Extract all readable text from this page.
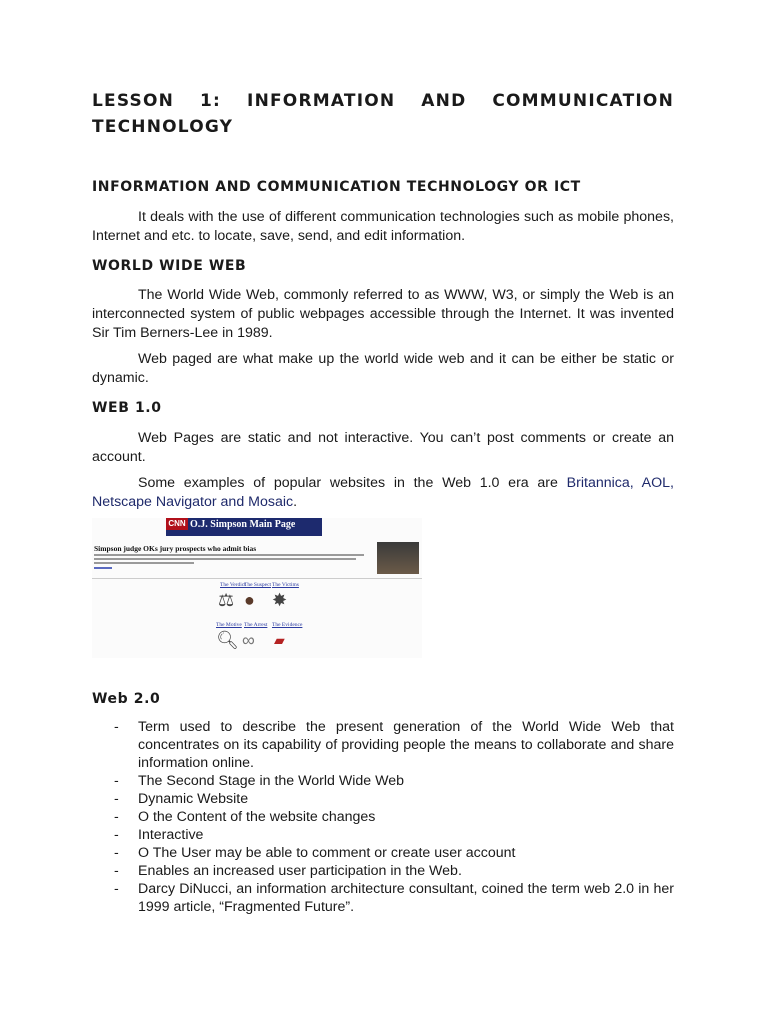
LESSON 1: INFORMATION AND COMMUNICATION TECHNOLOGY
INFORMATION AND COMMUNICATION TECHNOLOGY OR ICT

It deals with the use of different communication technologies such as mobile phones, Internet and etc. to locate, save, send, and edit information.

WORLD WIDE WEB

The World Wide Web, commonly referred to as WWW, W3, or simply the Web is an interconnected system of public webpages accessible through the Internet. It was invented Sir Tim Berners-Lee in 1989.

Web paged are what make up the world wide web and it can be either be static or dynamic.

WEB 1.0

Web Pages are static and not interactive. You can’t post comments or create an account.

Some examples of popular websites in the Web 1.0 era are Britannica, AOL, Netscape Navigator and Mosaic.

CNN O.J. Simpson Main Page
Simpson judge OKs jury prospects who admit bias
The Verdict
The Suspect The Victims
⚖ ● ✸
The Motive The Arrest The Evidence
🔍︎ ∞ ▰
Web 2.0
- Term used to describe the present generation of the World Wide Web that concentrates on its capability of providing people the means to collaborate and share information online.
- The Second Stage in the World Wide Web
- Dynamic Website
- O the Content of the website changes
- Interactive
- O The User may be able to comment or create user account
- Enables an increased user participation in the Web.
- Darcy DiNucci, an information architecture consultant, coined the term web 2.0 in her 1999 article, “Fragmented Future”.
